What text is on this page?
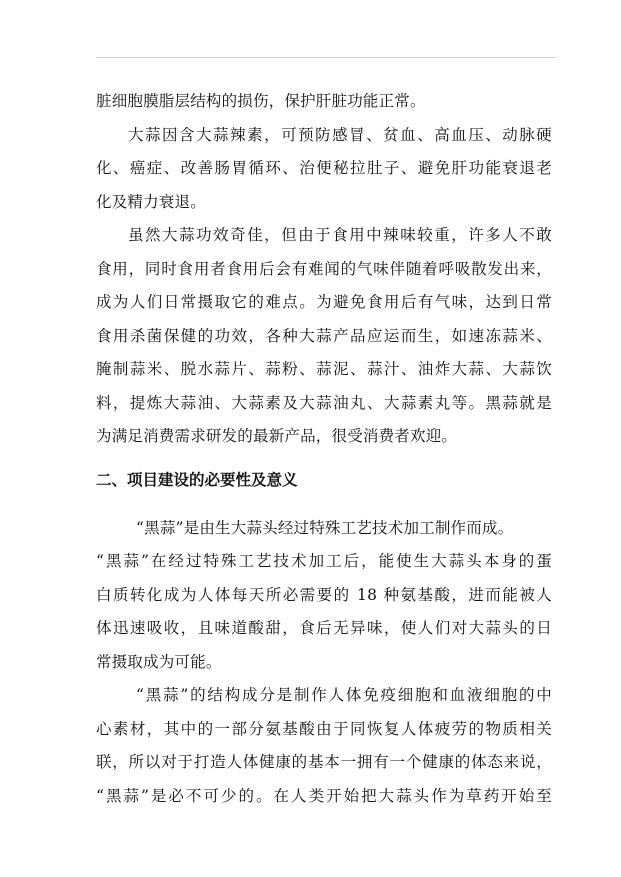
脏细胞膜脂层结构的损伤，保护肝脏功能正常。
大蒜因含大蒜辣素，可预防感冒、贫血、高血压、动脉硬
化、癌症、改善肠胃循环、治便秘拉肚子、避免肝功能衰退老
化及精力衰退。
虽然大蒜功效奇佳，但由于食用中辣味较重，许多人不敢
食用，同时食用者食用后会有难闻的气味伴随着呼吸散发出来，
成为人们日常摄取它的难点。为避免食用后有气味，达到日常
食用杀菌保健的功效，各种大蒜产品应运而生，如速冻蒜米、
腌制蒜米、脱水蒜片、蒜粉、蒜泥、蒜汁、油炸大蒜、大蒜饮
料，提炼大蒜油、大蒜素及大蒜油丸、大蒜素丸等。黑蒜就是
为满足消费需求研发的最新产品，很受消费者欢迎。
二、项目建设的必要性及意义
“黑蒜”是由生大蒜头经过特殊工艺技术加工制作而成。
“黑蒜”在经过特殊工艺技术加工后，能使生大蒜头本身的蛋
白质转化成为人体每天所必需要的 18 种氨基酸，进而能被人
体迅速吸收，且味道酸甜，食后无异味，使人们对大蒜头的日
常摄取成为可能。
“黑蒜”的结构成分是制作人体免疫细胞和血液细胞的中
心素材，其中的一部分氨基酸由于同恢复人体疲劳的物质相关
联，所以对于打造人体健康的基本一拥有一个健康的体态来说，
“黑蒜”是必不可少的。在人类开始把大蒜头作为草药开始至
